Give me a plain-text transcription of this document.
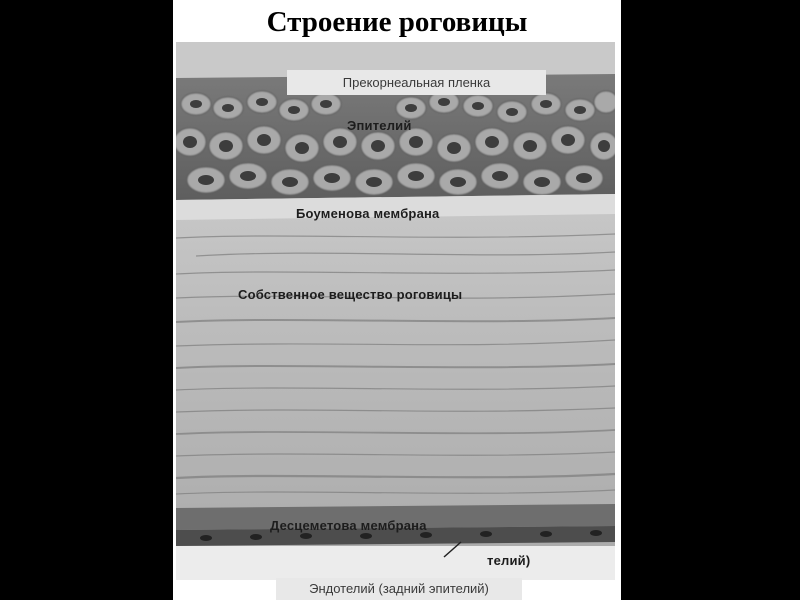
Строение роговицы
Прекорнеальная пленка
Эпителий
Боуменова мембрана
Собственное вещество роговицы
Десцеметова мембрана
телий)
Эндотелий (задний эпителий)
